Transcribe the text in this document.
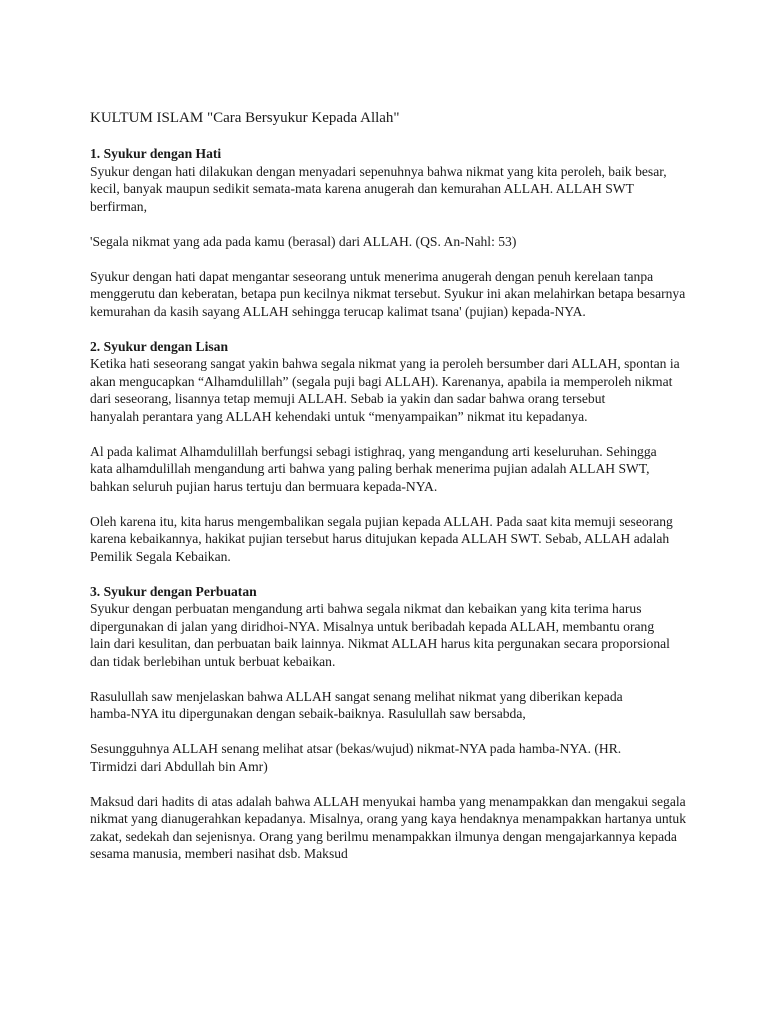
KULTUM ISLAM "Cara Bersyukur Kepada Allah"

1. Syukur dengan Hati

Syukur dengan hati dilakukan dengan menyadari sepenuhnya bahwa nikmat yang kita peroleh, baik besar, kecil, banyak maupun sedikit semata-mata karena anugerah dan kemurahan ALLAH. ALLAH SWT berfirman,

'Segala nikmat yang ada pada kamu (berasal) dari ALLAH. (QS. An-Nahl: 53)

Syukur dengan hati dapat mengantar seseorang untuk menerima anugerah dengan penuh kerelaan tanpa menggerutu dan keberatan, betapa pun kecilnya nikmat tersebut. Syukur ini akan melahirkan betapa besarnya kemurahan da kasih sayang ALLAH sehingga terucap kalimat tsana' (pujian) kepada-NYA.

2. Syukur dengan Lisan

Ketika hati seseorang sangat yakin bahwa segala nikmat yang ia peroleh bersumber dari ALLAH, spontan ia akan mengucapkan “Alhamdulillah” (segala puji bagi ALLAH). Karenanya, apabila ia memperoleh nikmat

dari seseorang, lisannya tetap memuji ALLAH. Sebab ia yakin dan sadar bahwa orang tersebut hanyalah perantara yang ALLAH kehendaki untuk “menyampaikan” nikmat itu kepadanya.

Al pada kalimat Alhamdulillah berfungsi sebagi istighraq, yang mengandung arti keseluruhan. Sehingga kata alhamdulillah mengandung arti bahwa yang paling berhak menerima pujian adalah ALLAH SWT, bahkan seluruh pujian harus tertuju dan bermuara kepada-NYA.

Oleh karena itu, kita harus mengembalikan segala pujian kepada ALLAH. Pada saat kita memuji seseorang karena kebaikannya, hakikat pujian tersebut harus ditujukan kepada ALLAH SWT. Sebab, ALLAH adalah Pemilik Segala Kebaikan.

3. Syukur dengan Perbuatan

Syukur dengan perbuatan mengandung arti bahwa segala nikmat dan kebaikan yang kita terima harus dipergunakan di jalan yang diridhoi-NYA. Misalnya untuk beribadah kepada ALLAH, membantu orang lain dari kesulitan, dan perbuatan baik lainnya. Nikmat ALLAH harus kita pergunakan secara proporsional dan tidak berlebihan untuk berbuat kebaikan.

Rasulullah saw menjelaskan bahwa ALLAH sangat senang melihat nikmat yang diberikan kepada hamba-NYA itu dipergunakan dengan sebaik-baiknya. Rasulullah saw bersabda,

Sesungguhnya ALLAH senang melihat atsar (bekas/wujud) nikmat-NYA pada hamba-NYA. (HR. Tirmidzi dari Abdullah bin Amr)

Maksud dari hadits di atas adalah bahwa ALLAH menyukai hamba yang menampakkan dan mengakui segala nikmat yang dianugerahkan kepadanya. Misalnya, orang yang kaya hendaknya menampakkan hartanya untuk zakat, sedekah dan sejenisnya. Orang yang berilmu menampakkan ilmunya dengan mengajarkannya kepada sesama manusia, memberi nasihat dsb. Maksud
